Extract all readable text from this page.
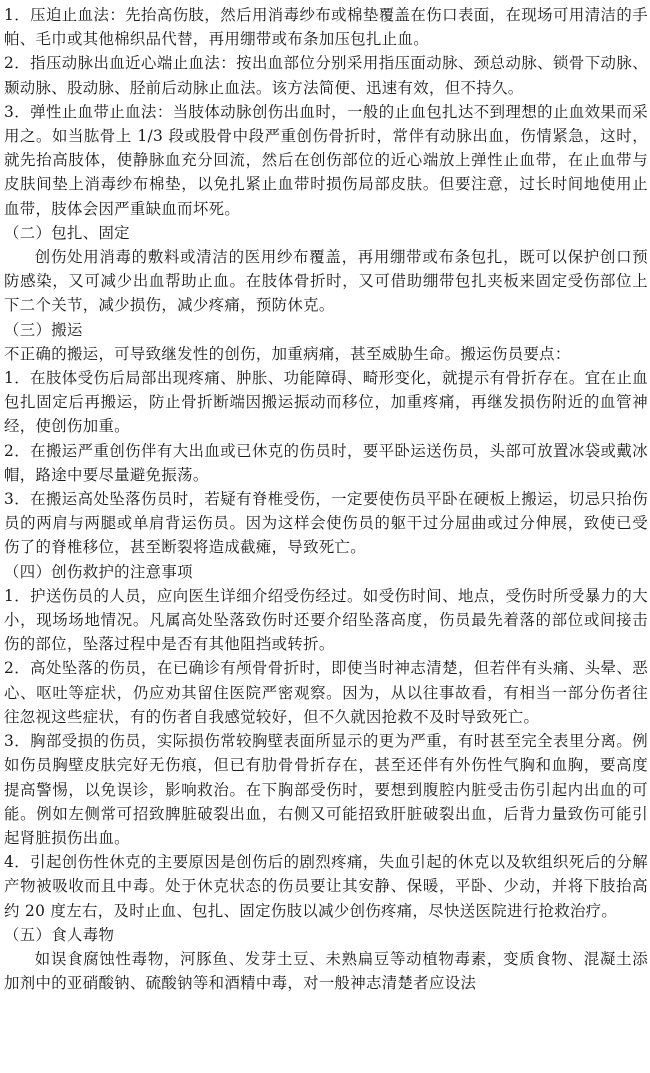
1．压迫止血法：先抬高伤肢，然后用消毒纱布或棉垫覆盖在伤口表面，在现场可用清洁的手帕、毛巾或其他棉织品代替，再用绷带或布条加压包扎止血。

2．指压动脉出血近心端止血法：按出血部位分别采用指压面动脉、颈总动脉、锁骨下动脉、颞动脉、股动脉、胫前后动脉止血法。该方法简便、迅速有效，但不持久。

3．弹性止血带止血法：当肢体动脉创伤出血时，一般的止血包扎达不到理想的止血效果而采用之。如当肱骨上 1/3 段或股骨中段严重创伤骨折时，常伴有动脉出血，伤情紧急，这时，就先抬高肢体，使静脉血充分回流，然后在创伤部位的近心端放上弹性止血带，在止血带与皮肤间垫上消毒纱布棉垫，以免扎紧止血带时损伤局部皮肤。但要注意，过长时间地使用止血带，肢体会因严重缺血而坏死。

（二）包扎、固定

创伤处用消毒的敷料或清洁的医用纱布覆盖，再用绷带或布条包扎，既可以保护创口预防感染，又可减少出血帮助止血。在肢体骨折时，又可借助绷带包扎夹板来固定受伤部位上下二个关节，减少损伤，减少疼痛，预防休克。

（三）搬运

不正确的搬运，可导致继发性的创伤，加重病痛，甚至威胁生命。搬运伤员要点：

1．在肢体受伤后局部出现疼痛、肿胀、功能障碍、畸形变化，就提示有骨折存在。宜在止血包扎固定后再搬运，防止骨折断端因搬运振动而移位，加重疼痛，再继发损伤附近的血管神经，使创伤加重。

2．在搬运严重创伤伴有大出血或已休克的伤员时，要平卧运送伤员，头部可放置冰袋或戴冰帽，路途中要尽量避免振荡。

3．在搬运高处坠落伤员时，若疑有脊椎受伤，一定要使伤员平卧在硬板上搬运，切忌只抬伤员的两肩与两腿或单肩背运伤员。因为这样会使伤员的躯干过分屈曲或过分伸展，致使已受伤了的脊椎移位，甚至断裂将造成截瘫，导致死亡。

（四）创伤救护的注意事项

1．护送伤员的人员，应向医生详细介绍受伤经过。如受伤时间、地点，受伤时所受暴力的大小，现场场地情况。凡属高处坠落致伤时还要介绍坠落高度，伤员最先着落的部位或间接击伤的部位，坠落过程中是否有其他阻挡或转折。

2．高处坠落的伤员，在已确诊有颅骨骨折时，即使当时神志清楚，但若伴有头痛、头晕、恶心、呕吐等症状，仍应劝其留住医院严密观察。因为，从以往事故看，有相当一部分伤者往往忽视这些症状，有的伤者自我感觉较好，但不久就因抢救不及时导致死亡。

3．胸部受损的伤员，实际损伤常较胸壁表面所显示的更为严重，有时甚至完全表里分离。例如伤员胸壁皮肤完好无伤痕，但已有肋骨骨折存在，甚至还伴有外伤性气胸和血胸，要高度提高警惕，以免误诊，影响救治。在下胸部受伤时，要想到腹腔内脏受击伤引起内出血的可能。例如左侧常可招致脾脏破裂出血，右侧又可能招致肝脏破裂出血，后背力量致伤可能引起肾脏损伤出血。

4．引起创伤性休克的主要原因是创伤后的剧烈疼痛，失血引起的休克以及软组织死后的分解产物被吸收而且中毒。处于休克状态的伤员要让其安静、保暖，平卧、少动，并将下肢抬高约 20 度左右，及时止血、包扎、固定伤肢以减少创伤疼痛，尽快送医院进行抢救治疗。

（五）食人毒物

如误食腐蚀性毒物，河豚鱼、发芽土豆、未熟扁豆等动植物毒素，变质食物、混凝土添加剂中的亚硝酸钠、硫酸钠等和酒精中毒，对一般神志清楚者应设法
